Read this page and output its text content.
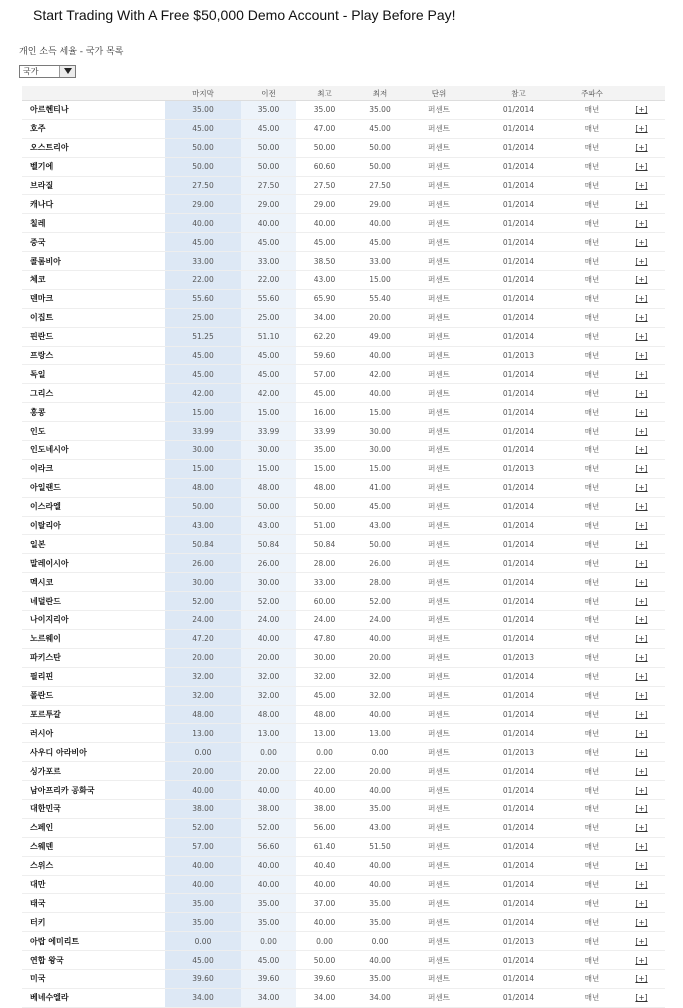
Start Trading With A Free $50,000 Demo Account - Play Before Pay!
개인 소득 세율 - 국가 목록
국가
	마지막	이전	최고	최저	단위	참고	주파수	
아르헨티나	35.00	35.00	35.00	35.00	퍼센트	01/2014	매년	[+]
호주	45.00	45.00	47.00	45.00	퍼센트	01/2014	매년	[+]
오스트리아	50.00	50.00	50.00	50.00	퍼센트	01/2014	매년	[+]
벨기에	50.00	50.00	60.60	50.00	퍼센트	01/2014	매년	[+]
브라질	27.50	27.50	27.50	27.50	퍼센트	01/2014	매년	[+]
캐나다	29.00	29.00	29.00	29.00	퍼센트	01/2014	매년	[+]
칠레	40.00	40.00	40.00	40.00	퍼센트	01/2014	매년	[+]
중국	45.00	45.00	45.00	45.00	퍼센트	01/2014	매년	[+]
콜롬비아	33.00	33.00	38.50	33.00	퍼센트	01/2014	매년	[+]
체코	22.00	22.00	43.00	15.00	퍼센트	01/2014	매년	[+]
덴마크	55.60	55.60	65.90	55.40	퍼센트	01/2014	매년	[+]
이집트	25.00	25.00	34.00	20.00	퍼센트	01/2014	매년	[+]
핀란드	51.25	51.10	62.20	49.00	퍼센트	01/2014	매년	[+]
프랑스	45.00	45.00	59.60	40.00	퍼센트	01/2013	매년	[+]
독일	45.00	45.00	57.00	42.00	퍼센트	01/2014	매년	[+]
그리스	42.00	42.00	45.00	40.00	퍼센트	01/2014	매년	[+]
홍콩	15.00	15.00	16.00	15.00	퍼센트	01/2014	매년	[+]
인도	33.99	33.99	33.99	30.00	퍼센트	01/2014	매년	[+]
인도네시아	30.00	30.00	35.00	30.00	퍼센트	01/2014	매년	[+]
이라크	15.00	15.00	15.00	15.00	퍼센트	01/2013	매년	[+]
아일랜드	48.00	48.00	48.00	41.00	퍼센트	01/2014	매년	[+]
이스라엘	50.00	50.00	50.00	45.00	퍼센트	01/2014	매년	[+]
이탈리아	43.00	43.00	51.00	43.00	퍼센트	01/2014	매년	[+]
일본	50.84	50.84	50.84	50.00	퍼센트	01/2014	매년	[+]
말레이시아	26.00	26.00	28.00	26.00	퍼센트	01/2014	매년	[+]
멕시코	30.00	30.00	33.00	28.00	퍼센트	01/2014	매년	[+]
네덜란드	52.00	52.00	60.00	52.00	퍼센트	01/2014	매년	[+]
나이지리아	24.00	24.00	24.00	24.00	퍼센트	01/2014	매년	[+]
노르웨이	47.20	40.00	47.80	40.00	퍼센트	01/2014	매년	[+]
파키스탄	20.00	20.00	30.00	20.00	퍼센트	01/2013	매년	[+]
필리핀	32.00	32.00	32.00	32.00	퍼센트	01/2014	매년	[+]
폴란드	32.00	32.00	45.00	32.00	퍼센트	01/2014	매년	[+]
포르투갈	48.00	48.00	48.00	40.00	퍼센트	01/2014	매년	[+]
러시아	13.00	13.00	13.00	13.00	퍼센트	01/2014	매년	[+]
사우디 아라비아	0.00	0.00	0.00	0.00	퍼센트	01/2013	매년	[+]
싱가포르	20.00	20.00	22.00	20.00	퍼센트	01/2014	매년	[+]
남아프리카 공화국	40.00	40.00	40.00	40.00	퍼센트	01/2014	매년	[+]
대한민국	38.00	38.00	38.00	35.00	퍼센트	01/2014	매년	[+]
스페인	52.00	52.00	56.00	43.00	퍼센트	01/2014	매년	[+]
스웨덴	57.00	56.60	61.40	51.50	퍼센트	01/2014	매년	[+]
스위스	40.00	40.00	40.40	40.00	퍼센트	01/2014	매년	[+]
대만	40.00	40.00	40.00	40.00	퍼센트	01/2014	매년	[+]
태국	35.00	35.00	37.00	35.00	퍼센트	01/2014	매년	[+]
터키	35.00	35.00	40.00	35.00	퍼센트	01/2014	매년	[+]
아랍 에미리트	0.00	0.00	0.00	0.00	퍼센트	01/2013	매년	[+]
연합 왕국	45.00	45.00	50.00	40.00	퍼센트	01/2014	매년	[+]
미국	39.60	39.60	39.60	35.00	퍼센트	01/2014	매년	[+]
베네수엘라	34.00	34.00	34.00	34.00	퍼센트	01/2014	매년	[+]
